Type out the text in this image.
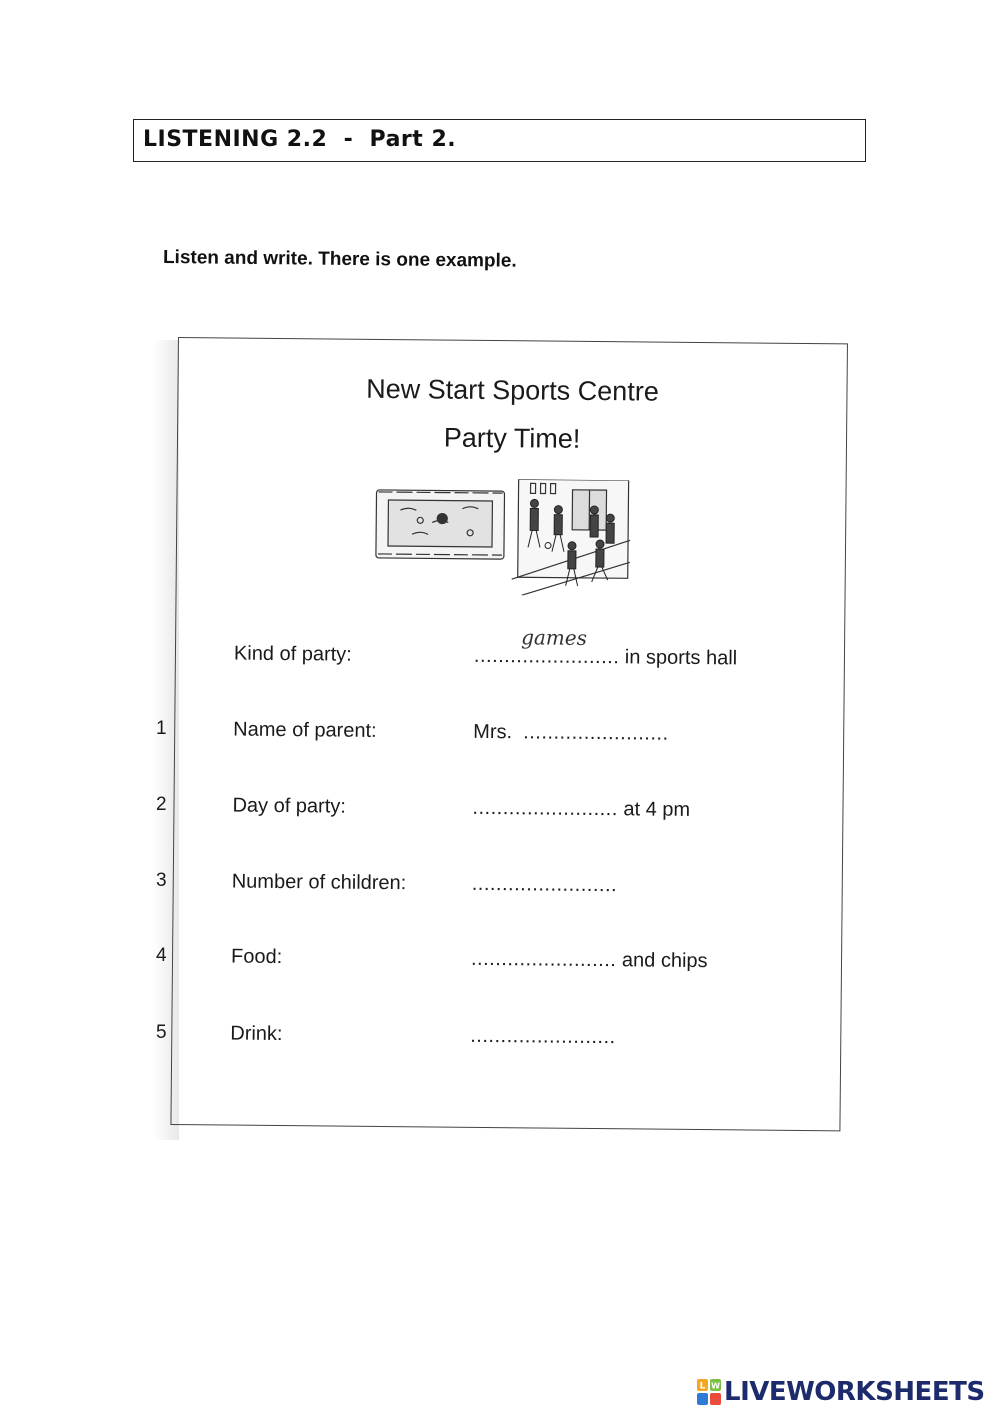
LISTENING 2.2  -  Part 2.
Listen and write. There is one example.
1
2
3
4
5
New Start Sports Centre
Party Time!
Kind of party:	........................ in sports hall
games
Name of parent:	Mrs.  ........................
Day of party:	........................ at 4 pm
Number of children:	........................
Food:	........................ and chips
Drink:	........................
L W LIVEWORKSHEETS
